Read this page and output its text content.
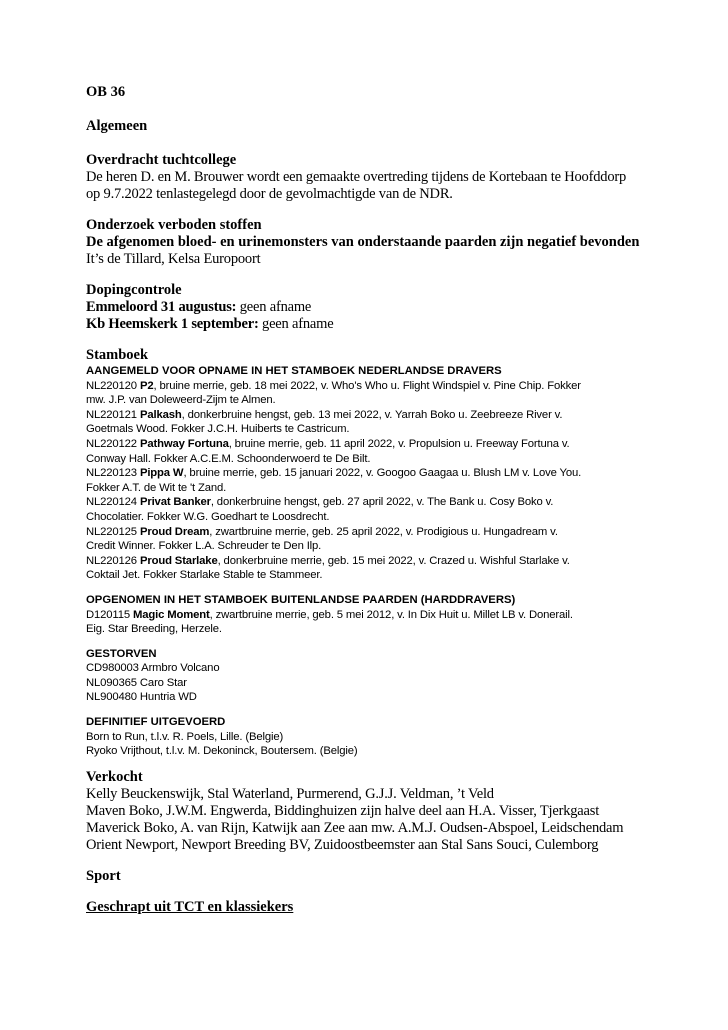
OB 36

Algemeen

Overdracht tuchtcollege

De heren D. en M. Brouwer wordt een gemaakte overtreding tijdens de Kortebaan te Hoofddorp

op 9.7.2022 tenlastegelegd door de gevolmachtigde van de NDR.

Onderzoek verboden stoffen

De afgenomen bloed- en urinemonsters van onderstaande paarden zijn negatief bevonden

It’s de Tillard, Kelsa Europoort

Dopingcontrole

Emmeloord 31 augustus: geen afname

Kb Heemskerk 1 september: geen afname

Stamboek

AANGEMELD VOOR OPNAME IN HET STAMBOEK NEDERLANDSE DRAVERS

NL220120 P2, bruine merrie, geb. 18 mei 2022, v. Who's Who u. Flight Windspiel v. Pine Chip. Fokker

mw. J.P. van Doleweerd-Zijm te Almen.

NL220121 Palkash, donkerbruine hengst, geb. 13 mei 2022, v. Yarrah Boko u. Zeebreeze River v.

Goetmals Wood. Fokker J.C.H. Huiberts te Castricum.

NL220122 Pathway Fortuna, bruine merrie, geb. 11 april 2022, v. Propulsion u. Freeway Fortuna v.

Conway Hall. Fokker A.C.E.M. Schoonderwoerd te De Bilt.

NL220123 Pippa W, bruine merrie, geb. 15 januari 2022, v. Googoo Gaagaa u. Blush LM v. Love You.

Fokker A.T. de Wit te 't Zand.

NL220124 Privat Banker, donkerbruine hengst, geb. 27 april 2022, v. The Bank u. Cosy Boko v.

Chocolatier. Fokker W.G. Goedhart te Loosdrecht.

NL220125 Proud Dream, zwartbruine merrie, geb. 25 april 2022, v. Prodigious u. Hungadream v.

Credit Winner. Fokker L.A. Schreuder te Den Ilp.

NL220126 Proud Starlake, donkerbruine merrie, geb. 15 mei 2022, v. Crazed u. Wishful Starlake v.

Coktail Jet. Fokker Starlake Stable te Stammeer.

OPGENOMEN IN HET STAMBOEK BUITENLANDSE PAARDEN (HARDDRAVERS)

D120115 Magic Moment, zwartbruine merrie, geb. 5 mei 2012, v. In Dix Huit u. Millet LB v. Donerail.

Eig. Star Breeding, Herzele.

GESTORVEN

CD980003 Armbro Volcano

NL090365 Caro Star

NL900480 Huntria WD

DEFINITIEF UITGEVOERD

Born to Run, t.l.v. R. Poels, Lille. (Belgie)

Ryoko Vrijthout, t.l.v. M. Dekoninck, Boutersem. (Belgie)

Verkocht

Kelly Beuckenswijk, Stal Waterland, Purmerend, G.J.J. Veldman, ’t Veld

Maven Boko, J.W.M. Engwerda, Biddinghuizen zijn halve deel aan H.A. Visser, Tjerkgaast

Maverick Boko, A. van Rijn, Katwijk aan Zee aan mw. A.M.J. Oudsen-Abspoel, Leidschendam

Orient Newport, Newport Breeding BV, Zuidoostbeemster aan Stal Sans Souci, Culemborg

Sport

Geschrapt uit TCT en klassiekers
